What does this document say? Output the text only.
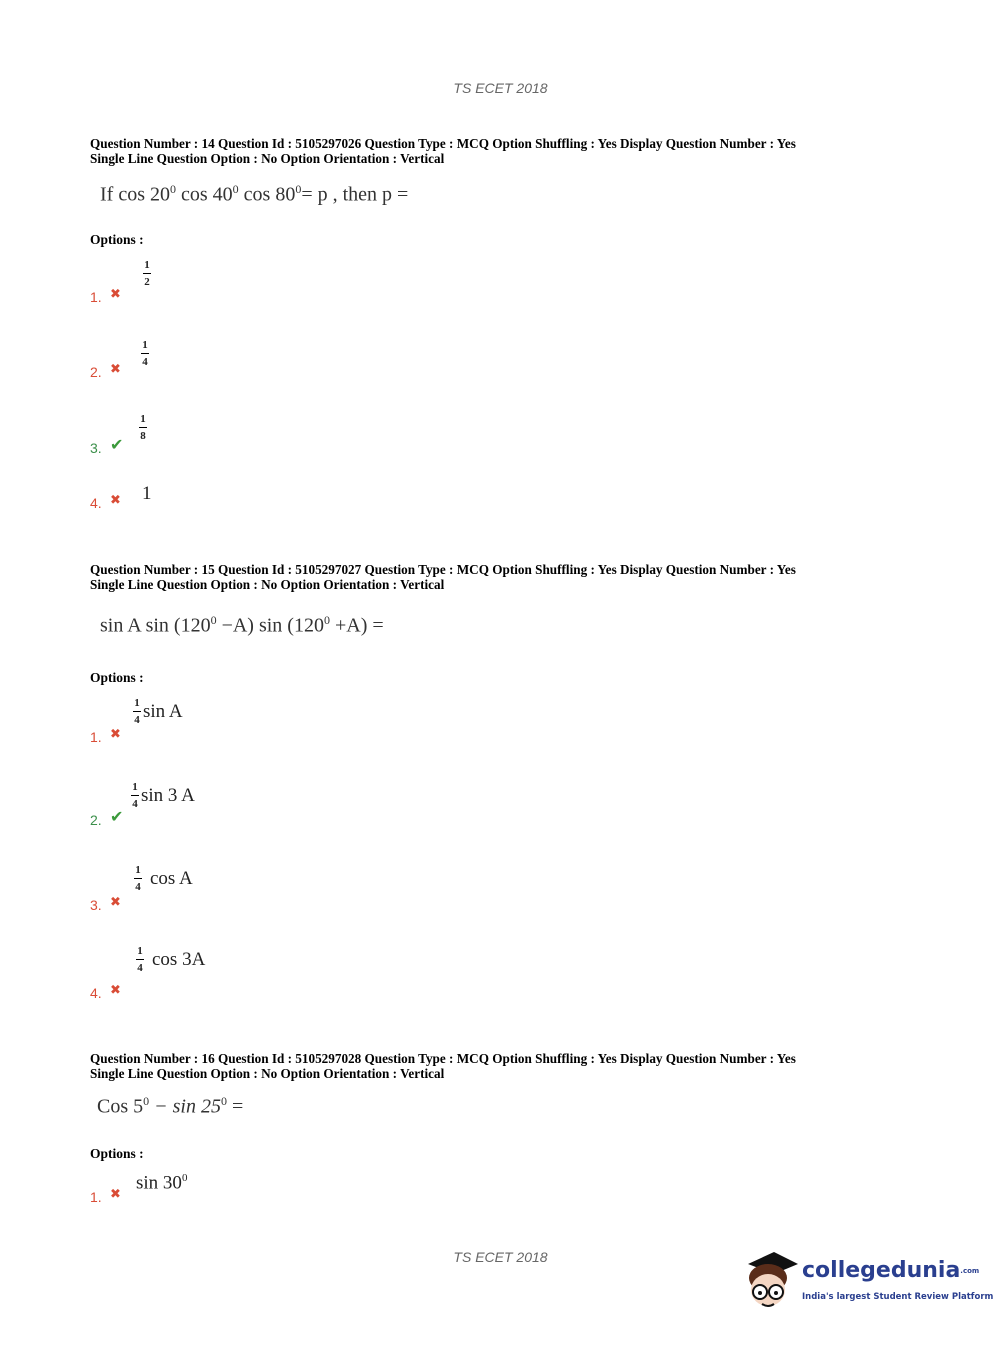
TS ECET 2018
Question Number : 14 Question Id : 5105297026 Question Type : MCQ Option Shuffling : Yes Display Question Number : Yes
Single Line Question Option : No Option Orientation : Vertical
If $\cos 20^0$ $\cos 40^0$ $\cos 80^0= p$ , then p =
Options :
1. ✖
$\frac{1}{2}$
2. ✖
$\frac{1}{4}$
3. ✔
$\frac{1}{8}$
4. ✖ 1
Question Number : 15 Question Id : 5105297027 Question Type : MCQ Option Shuffling : Yes Display Question Number : Yes
Single Line Question Option : No Option Orientation : Vertical
sin A $\sin (120^0 -A)$ $\sin (120^0 +A)$ =
Options :
1. ✖
$\frac{1}{4}$ sin A
2. ✔
$\frac{1}{4}$ sin 3 A
3. ✖
$\frac{1}{4}$ cos A
4. ✖
$\frac{1}{4}$ cos 3A
Question Number : 16 Question Id : 5105297028 Question Type : MCQ Option Shuffling : Yes Display Question Number : Yes
Single Line Question Option : No Option Orientation : Vertical
Cos $5^0 - \sin 25^0$ =
Options :
1. ✖
$\sin 30^0$
TS ECET 2018
collegedunia.com
India's largest Student Review Platform
